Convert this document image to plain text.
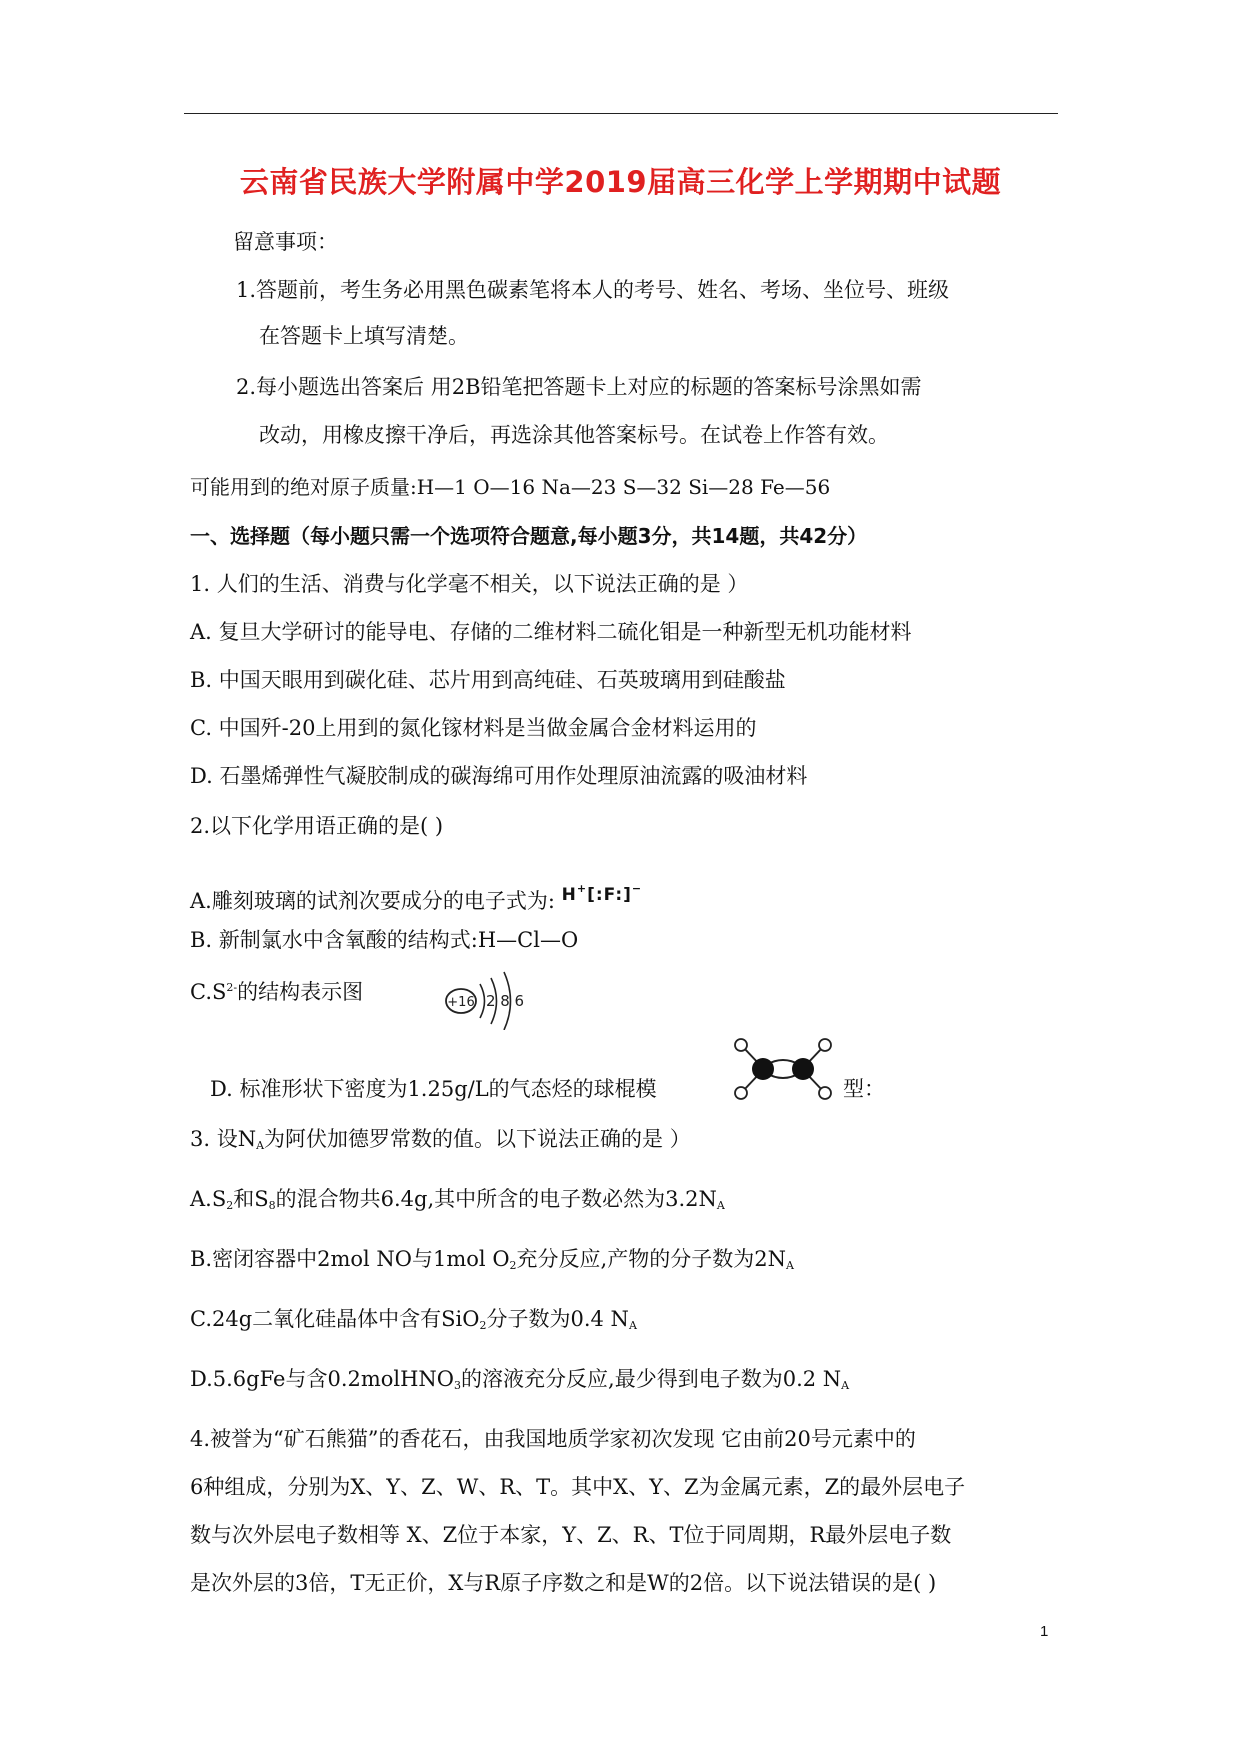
云南省民族大学附属中学2019届高三化学上学期期中试题
留意事项：
1.答题前，考生务必用黑色碳素笔将本人的考号、姓名、考场、坐位号、班级
在答题卡上填写清楚。
2.每小题选出答案后 用2B铅笔把答题卡上对应的标题的答案标号涂黑如需
改动，用橡皮擦干净后，再选涂其他答案标号。在试卷上作答有效。
可能用到的绝对原子质量:H—1 O—16 Na—23 S—32 Si—28 Fe—56
一、选择题（每小题只需一个选项符合题意,每小题3分，共14题，共42分）
1. 人们的生活、消费与化学毫不相关，以下说法正确的是 ）
A. 复旦大学研讨的能导电、存储的二维材料二硫化钼是一种新型无机功能材料
B. 中国天眼用到碳化硅、芯片用到高纯硅、石英玻璃用到硅酸盐
C. 中国歼-20上用到的氮化镓材料是当做金属合金材料运用的
D. 石墨烯弹性气凝胶制成的碳海绵可用作处理原油流露的吸油材料
2.以下化学用语正确的是( )
A.雕刻玻璃的试剂次要成分的电子式为: H+[:F:]−
B. 新制氯水中含氧酸的结构式:H—Cl—O
$C.S^{2-}$的结构表示图	+16 2 8 6
D. 标准形状下密度为1.25g/L的气态烃的球棍模	型：
3. 设$N_A$为阿伏加德罗常数的值。以下说法正确的是 ）
$A.S_2$和$S_8$的混合物共6.4g,其中所含的电子数必然为$3.2N_A$
B.密闭容器中2mol NO与1mol $O_2$充分反应,产物的分子数为$2N_A$
C.24g二氧化硅晶体中含有SiO$_2$分子数为0.4 $N_A$
D.5.6gFe与含0.2molHNO$_3$的溶液充分反应,最少得到电子数为0.2 $N_A$
4.被誉为“矿石熊猫”的香花石，由我国地质学家初次发现 它由前20号元素中的
6种组成，分别为X、Y、Z、W、R、T。其中X、Y、Z为金属元素，Z的最外层电子
数与次外层电子数相等 X、Z位于本家，Y、Z、R、T位于同周期，R最外层电子数
是次外层的3倍，T无正价，X与R原子序数之和是W的2倍。以下说法错误的是( )
1
